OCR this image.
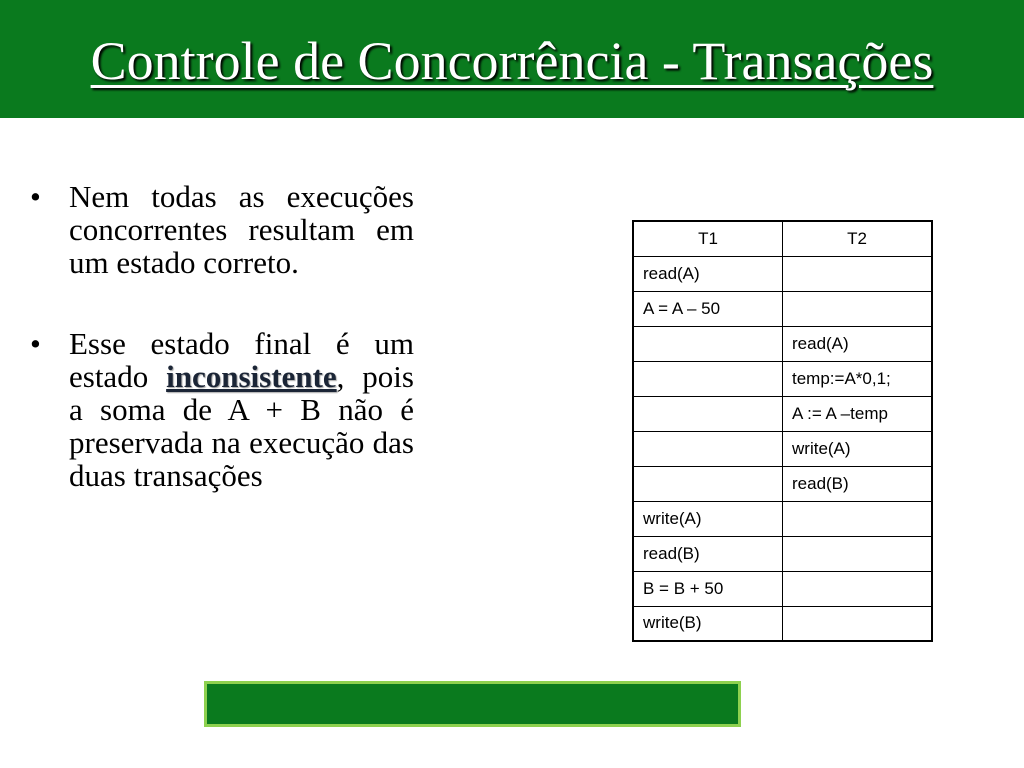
Controle de Concorrência - Transações
• Nem todas as execuções concorrentes resultam em um estado correto.
• Esse estado final é um estado inconsistente, pois a soma de A + B não é preservada na execução das duas transações
T1	T2
read(A)	
A = A – 50	
	read(A)
	temp:=A*0,1;
	A := A –temp
	write(A)
	read(B)
write(A)	
read(B)	
B = B + 50	
write(B)	

Escala Concorrente  ou execução não-serial
